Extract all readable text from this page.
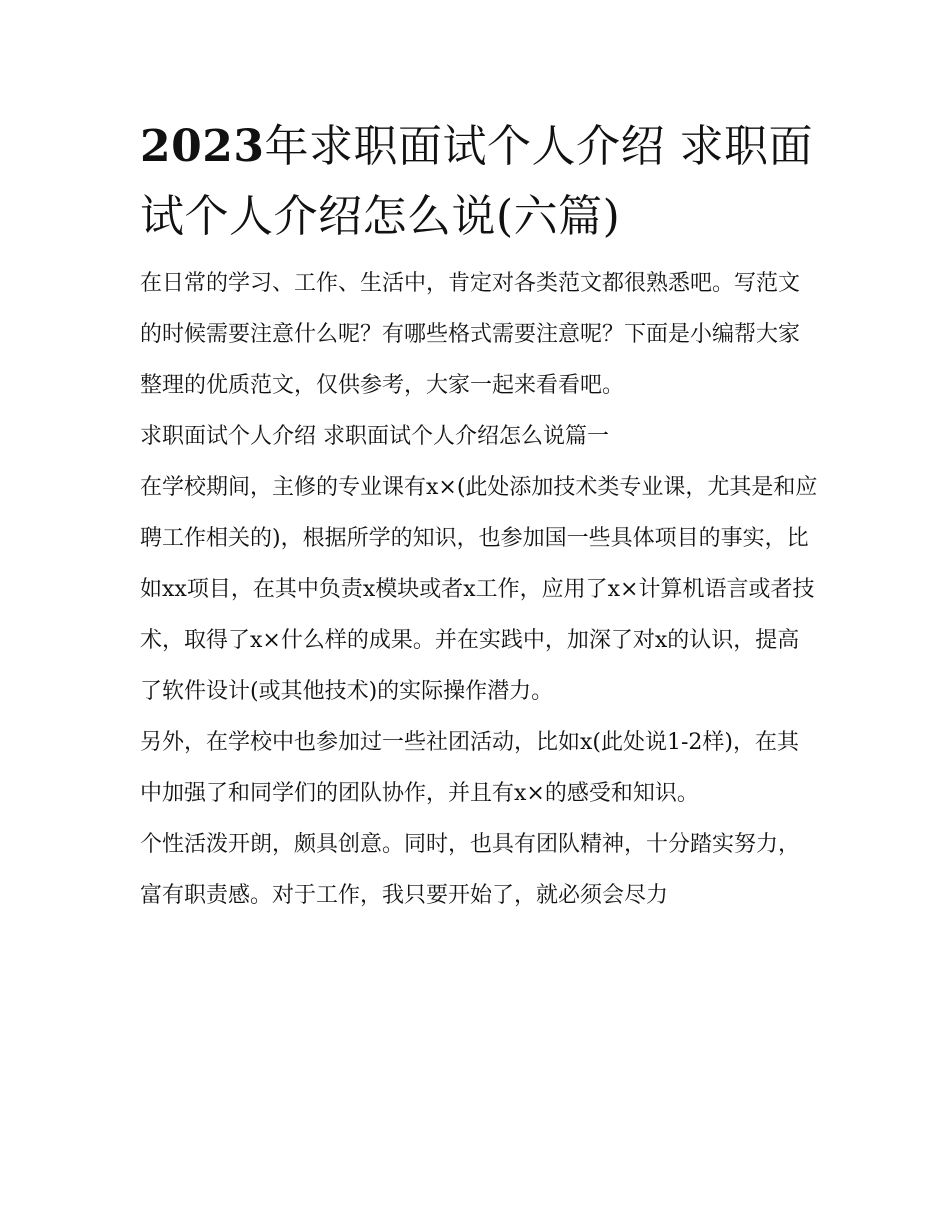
2023年求职面试个人介绍 求职面试个人介绍怎么说(六篇)

在日常的学习、工作、生活中，肯定对各类范文都很熟悉吧。写范文的时候需要注意什么呢？有哪些格式需要注意呢？下面是小编帮大家整理的优质范文，仅供参考，大家一起来看看吧。

求职面试个人介绍 求职面试个人介绍怎么说篇一

在学校期间，主修的专业课有x×(此处添加技术类专业课，尤其是和应聘工作相关的)，根据所学的知识，也参加国一些具体项目的事实，比如xx项目，在其中负责x模块或者x工作，应用了x×计算机语言或者技术，取得了x×什么样的成果。并在实践中，加深了对x的认识，提高了软件设计(或其他技术)的实际操作潜力。

另外，在学校中也参加过一些社团活动，比如x(此处说1-2样)，在其中加强了和同学们的团队协作，并且有x×的感受和知识。

个性活泼开朗，颇具创意。同时，也具有团队精神，十分踏实努力，富有职责感。对于工作，我只要开始了，就必须会尽力
